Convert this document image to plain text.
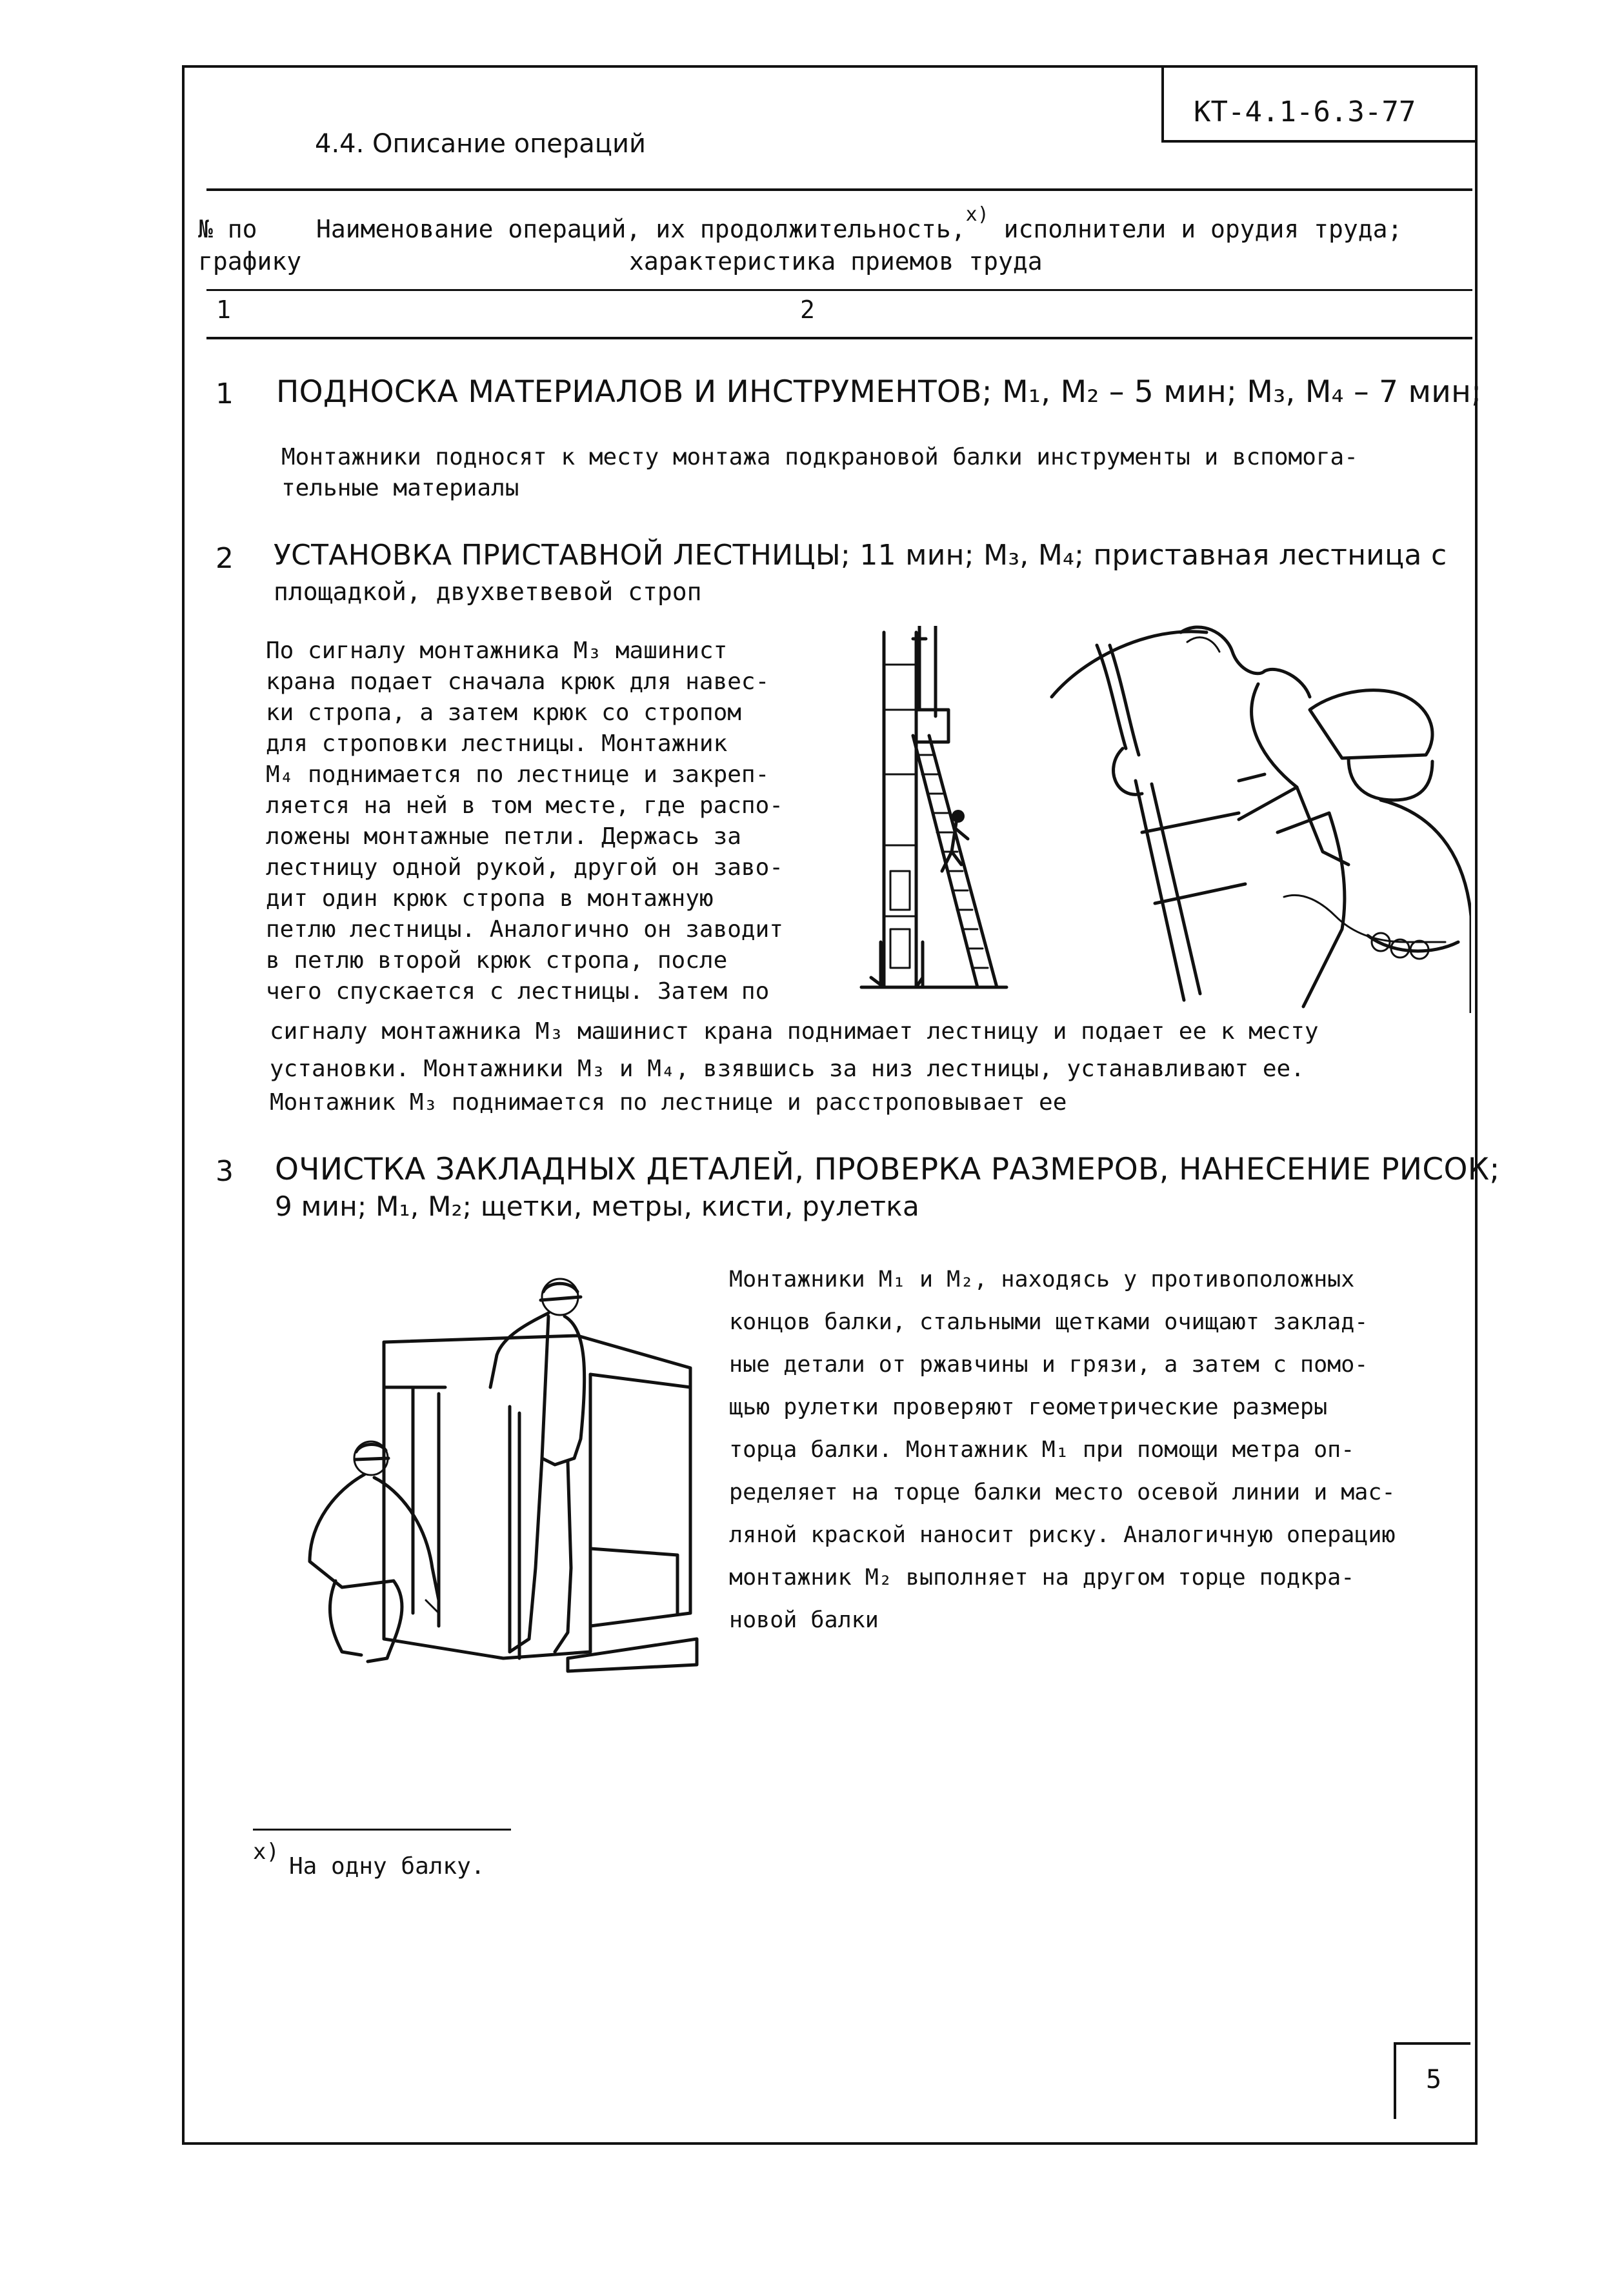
КТ-4.1-6.3-77
4.4. Описание операций
№ по
графику
Наименование операций, их продолжительность,$^{x)}$ исполнители и орудия труда;
характеристика приемов труда
1	2
1 ПОДНОСКА МАТЕРИАЛОВ И ИНСТРУМЕНТОВ; М₁, М₂ – 5 мин; М₃, М₄ – 7 мин;
Монтажники подносят к месту монтажа подкрановой балки инструменты и вспомога-
тельные материалы
2 УСТАНОВКА ПРИСТАВНОЙ ЛЕСТНИЦЫ; 11 мин; М₃, М₄; приставная лестница с
площадкой, двухветвевой строп
По сигналу монтажника М₃ машинист
крана подает сначала крюк для навес-
ки стропа, а затем крюк со стропом
для строповки лестницы. Монтажник
М₄ поднимается по лестнице и закреп-
ляется на ней в том месте, где распо-
ложены монтажные петли. Держась за
лестницу одной рукой, другой он заво-
дит один крюк стропа в монтажную
петлю лестницы. Аналогично он заводит
в петлю второй крюк стропа, после
чего спускается с лестницы. Затем по
сигналу монтажника М₃ машинист крана поднимает лестницу и подает ее к месту
установки. Монтажники М₃ и М₄, взявшись за низ лестницы, устанавливают ее.
Монтажник М₃ поднимается по лестнице и расстроповывает ее
3 ОЧИСТКА ЗАКЛАДНЫХ ДЕТАЛЕЙ, ПРОВЕРКА РАЗМЕРОВ, НАНЕСЕНИЕ РИСОК;
9 мин; М₁, М₂; щетки, метры, кисти, рулетка
Монтажники М₁ и М₂, находясь у противоположных
концов балки, стальными щетками очищают заклад-
ные детали от ржавчины и грязи, а затем с помо-
щью рулетки проверяют геометрические размеры
торца балки. Монтажник М₁ при помощи метра оп-
ределяет на торце балки место осевой линии и мас-
ляной краской наносит риску. Аналогичную операцию
монтажник М₂ выполняет на другом торце подкра-
новой балки
x)
На одну балку.
5
